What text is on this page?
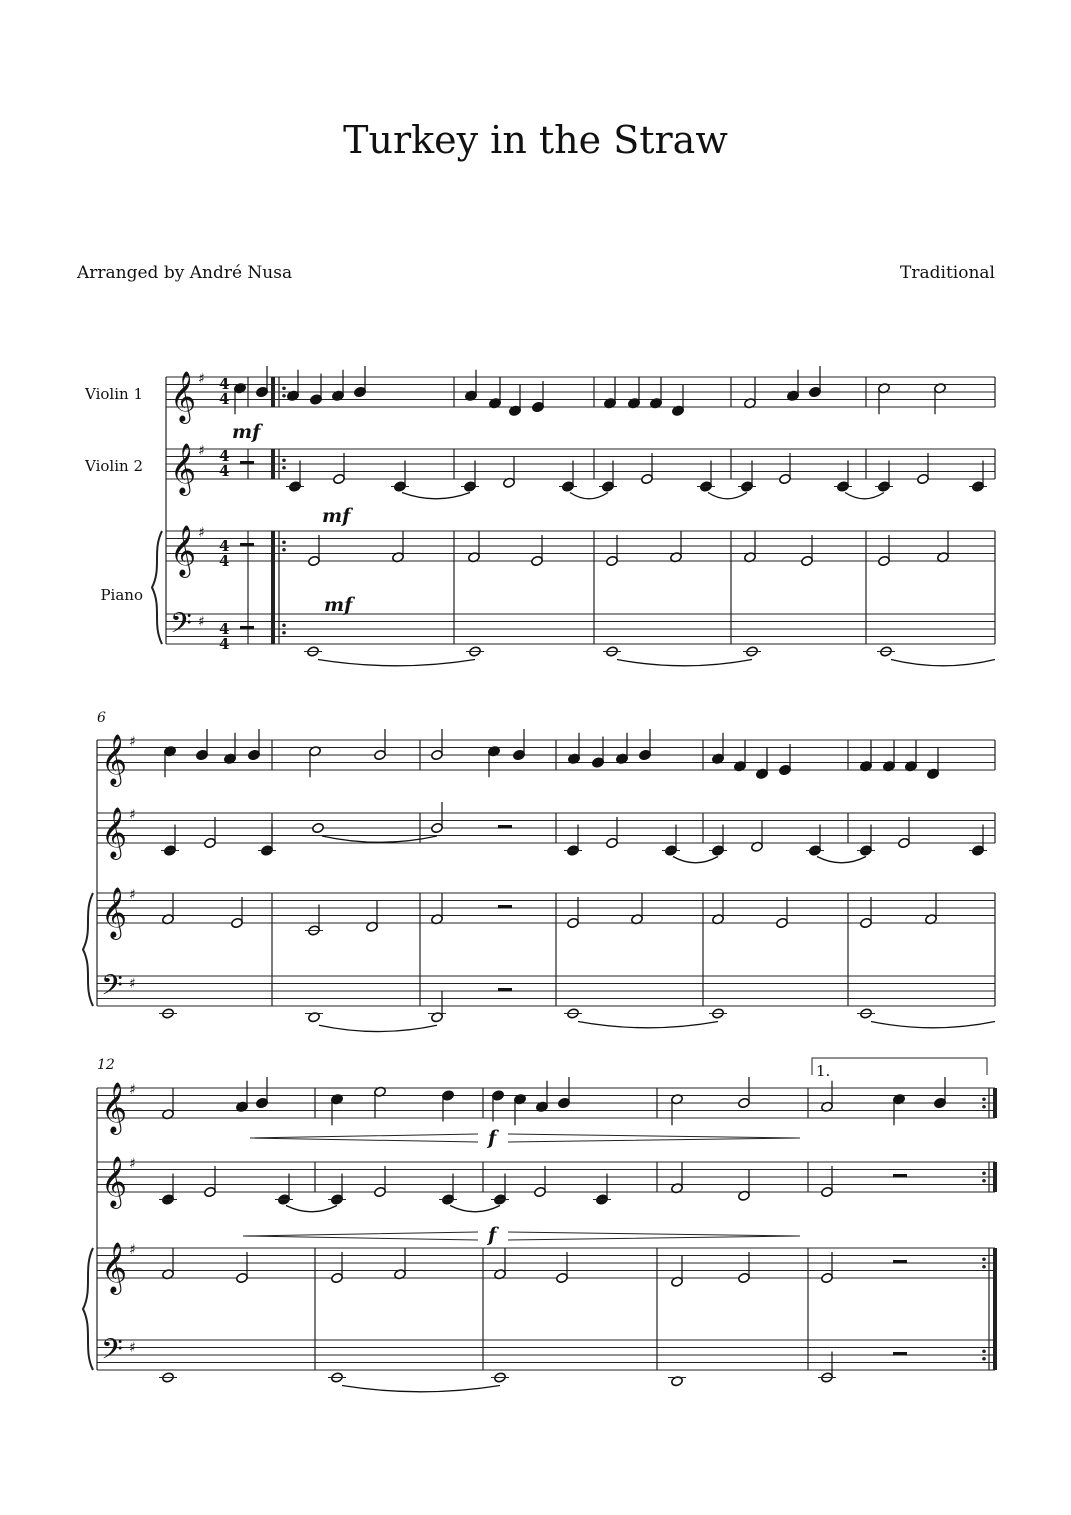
Turkey in the Straw
Arranged by André Nusa	Traditional
Violin 1
Violin 2
Piano
6
12
mf
mf
mf
f
f
1.
4
4
4
4
4
4
4
4
𝄞 ♯
𝄞 ♯
𝄞 ♯
𝄢 ♯
𝄞 ♯
𝄞 ♯
𝄞 ♯
𝄢 ♯
𝄞 ♯
𝄞 ♯
𝄞 ♯
𝄢 ♯
